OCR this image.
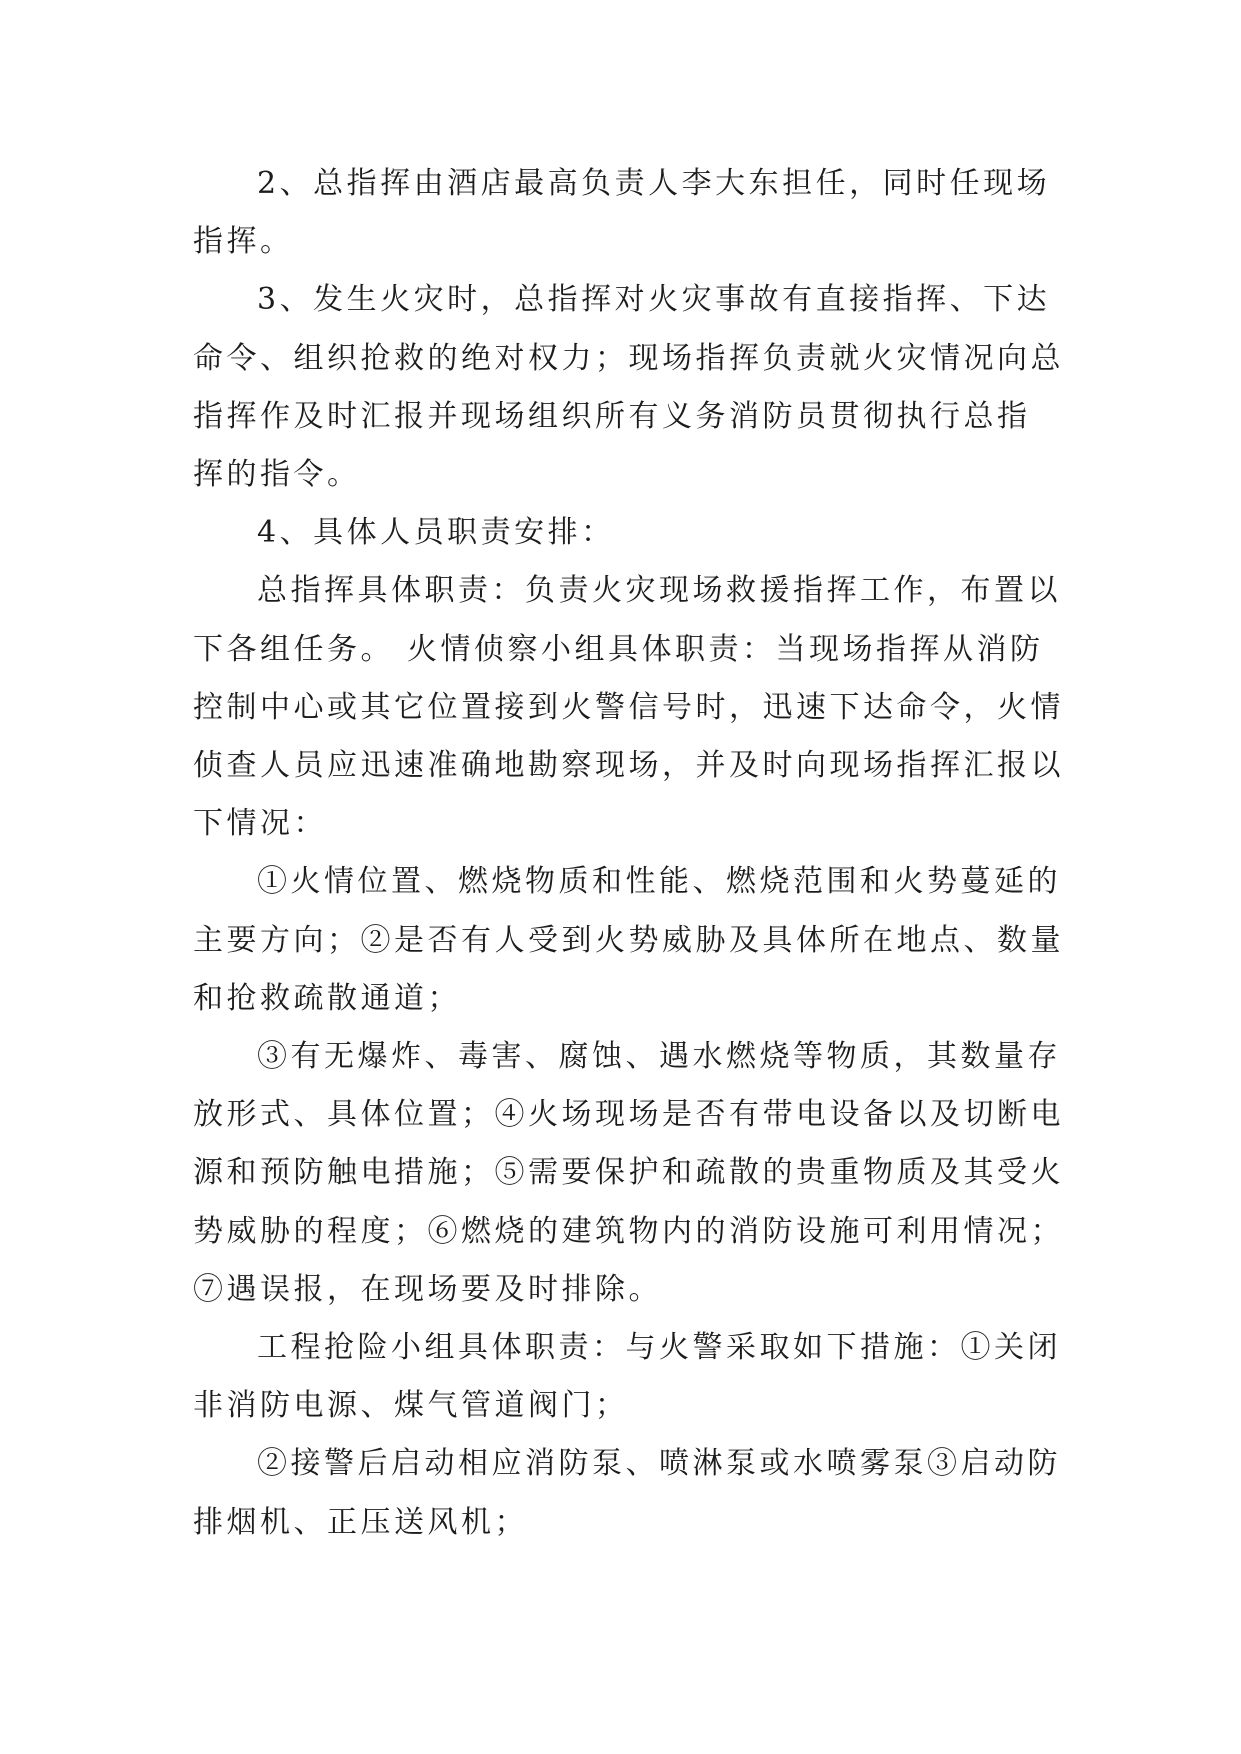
2、总指挥由酒店最高负责人李大东担任，同时任现场
指挥。

3、发生火灾时，总指挥对火灾事故有直接指挥、下达
命令、组织抢救的绝对权力；现场指挥负责就火灾情况向总
指挥作及时汇报并现场组织所有义务消防员贯彻执行总指
挥的指令。

4、具体人员职责安排：

总指挥具体职责：负责火灾现场救援指挥工作，布置以
下各组任务。 火情侦察小组具体职责：当现场指挥从消防
控制中心或其它位置接到火警信号时，迅速下达命令，火情
侦查人员应迅速准确地勘察现场，并及时向现场指挥汇报以
下情况：

①火情位置、燃烧物质和性能、燃烧范围和火势蔓延的
主要方向；②是否有人受到火势威胁及具体所在地点、数量
和抢救疏散通道；

③有无爆炸、毒害、腐蚀、遇水燃烧等物质，其数量存
放形式、具体位置；④火场现场是否有带电设备以及切断电
源和预防触电措施；⑤需要保护和疏散的贵重物质及其受火
势威胁的程度；⑥燃烧的建筑物内的消防设施可利用情况；
⑦遇误报，在现场要及时排除。

工程抢险小组具体职责：与火警采取如下措施：①关闭
非消防电源、煤气管道阀门；

②接警后启动相应消防泵、喷淋泵或水喷雾泵③启动防
排烟机、正压送风机；
